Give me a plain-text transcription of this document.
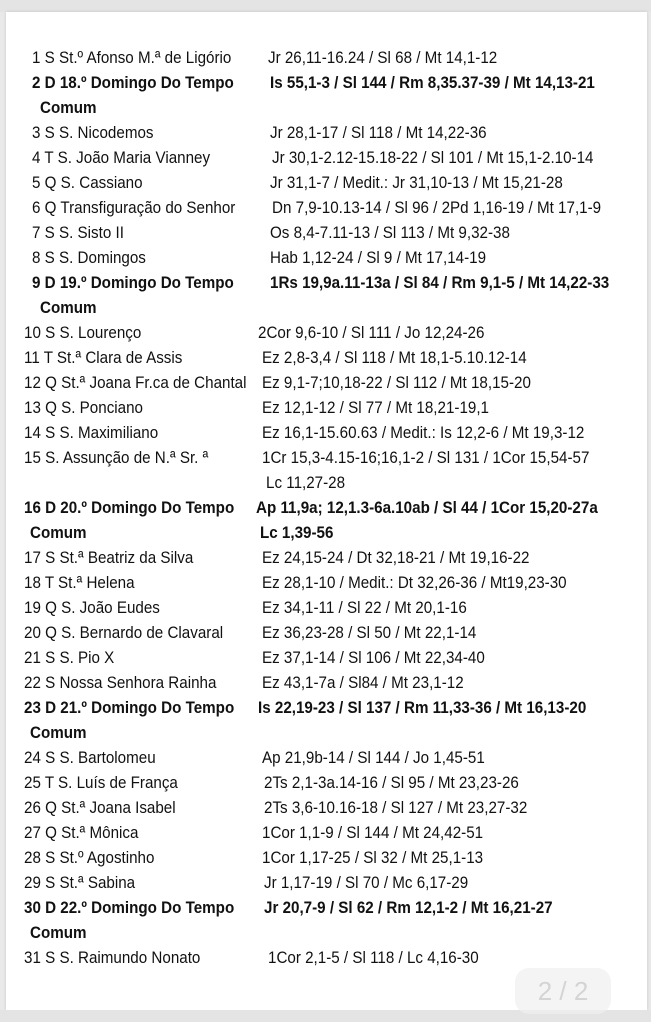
1 S St.º Afonso M.ª de Ligório Jr 26,11-16.24 / Sl 68 / Mt 14,1-12
2 D 18.º Domingo Do Tempo Is 55,1-3 / Sl 144 / Rm 8,35.37-39 / Mt 14,13-21
Comum
3 S S. Nicodemos	Jr 28,1-17 / Sl 118 / Mt 14,22-36
4 T S. João Maria Vianney	Jr 30,1-2.12-15.18-22 / Sl 101 / Mt 15,1-2.10-14
5 Q S. Cassiano	Jr 31,1-7 / Medit.: Jr 31,10-13 / Mt 15,21-28
6 Q Transfiguração do Senhor Dn 7,9-10.13-14 / Sl 96 / 2Pd 1,16-19 / Mt 17,1-9
7 S S. Sisto II	Os 8,4-7.11-13 / Sl 113 / Mt 9,32-38
8 S S. Domingos	Hab 1,12-24 / Sl 9 / Mt 17,14-19
9 D 19.º Domingo Do Tempo 1Rs 19,9a.11-13a / Sl 84 / Rm 9,1-5 / Mt 14,22-33
Comum
10 S S. Lourenço	2Cor 9,6-10 / Sl 111 / Jo 12,24-26
11 T St.ª Clara de Assis	Ez 2,8-3,4 / Sl 118 / Mt 18,1-5.10.12-14
12 Q St.ª Joana Fr.ca de Chantal Ez 9,1-7;10,18-22 / Sl 112 / Mt 18,15-20
13 Q S. Ponciano	Ez 12,1-12 / Sl 77 / Mt 18,21-19,1
14 S S. Maximiliano	Ez 16,1-15.60.63 / Medit.: Is 12,2-6 / Mt 19,3-12
15 S. Assunção de N.ª Sr. ª	1Cr 15,3-4.15-16;16,1-2 / Sl 131 / 1Cor 15,54-57
Lc 11,27-28
16 D 20.º Domingo Do Tempo Ap 11,9a; 12,1.3-6a.10ab / Sl 44 / 1Cor 15,20-27a
Comum	Lc 1,39-56
17 S St.ª Beatriz da Silva	Ez 24,15-24 / Dt 32,18-21 / Mt 19,16-22
18 T St.ª Helena	Ez 28,1-10 / Medit.: Dt 32,26-36 / Mt19,23-30
19 Q S. João Eudes	Ez 34,1-11 / Sl 22 / Mt 20,1-16
20 Q S. Bernardo de Clavaral Ez 36,23-28 / Sl 50 / Mt 22,1-14
21 S S. Pio X	Ez 37,1-14 / Sl 106 / Mt 22,34-40
22 S Nossa Senhora Rainha	Ez 43,1-7a / Sl84 / Mt 23,1-12
23 D 21.º Domingo Do Tempo Is 22,19-23 / Sl 137 / Rm 11,33-36 / Mt 16,13-20
Comum
24 S S. Bartolomeu	Ap 21,9b-14 / Sl 144 / Jo 1,45-51
25 T S. Luís de França	2Ts 2,1-3a.14-16 / Sl 95 / Mt 23,23-26
26 Q St.ª Joana Isabel	2Ts 3,6-10.16-18 / Sl 127 / Mt 23,27-32
27 Q St.ª Mônica	1Cor 1,1-9 / Sl 144 / Mt 24,42-51
28 S St.º Agostinho	1Cor 1,17-25 / Sl 32 / Mt 25,1-13
29 S St.ª Sabina	Jr 1,17-19 / Sl 70 / Mc 6,17-29
30 D 22.º Domingo Do Tempo Jr 20,7-9 / Sl 62 / Rm 12,1-2 / Mt 16,21-27
Comum
31 S S. Raimundo Nonato	1Cor 2,1-5 / Sl 118 / Lc 4,16-30
2 / 2
